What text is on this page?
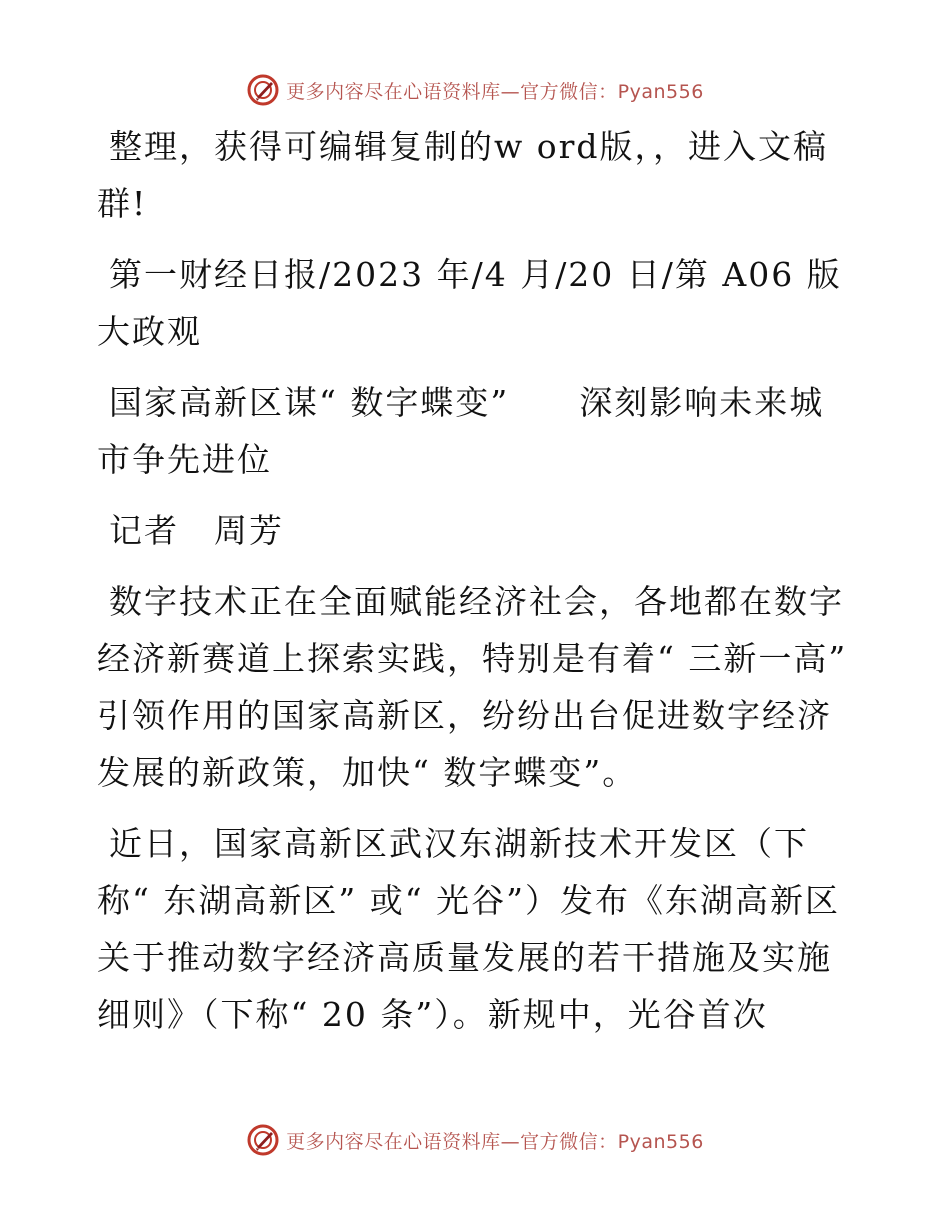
更多内容尽在心语资料库—官方微信：Pyan556

整理，获得可编辑复制的w ord版，，进入文稿群!

第一财经日报/2023 年/4 月/20 日/第 A06 版大政观

国家高新区谋“ 数字蝶变”　　深刻影响未来城市争先进位

记者　周芳

数字技术正在全面赋能经济社会，各地都在数字经济新赛道上探索实践，特别是有着“ 三新一高” 引领作用的国家高新区，纷纷出台促进数字经济发展的新政策，加快“ 数字蝶变”。

近日，国家高新区武汉东湖新技术开发区（下称“ 东湖高新区” 或“ 光谷”）发布《东湖高新区关于推动数字经济高质量发展的若干措施及实施细则》（下称“ 20 条”）。新规中，光谷首次

更多内容尽在心语资料库—官方微信：Pyan556
